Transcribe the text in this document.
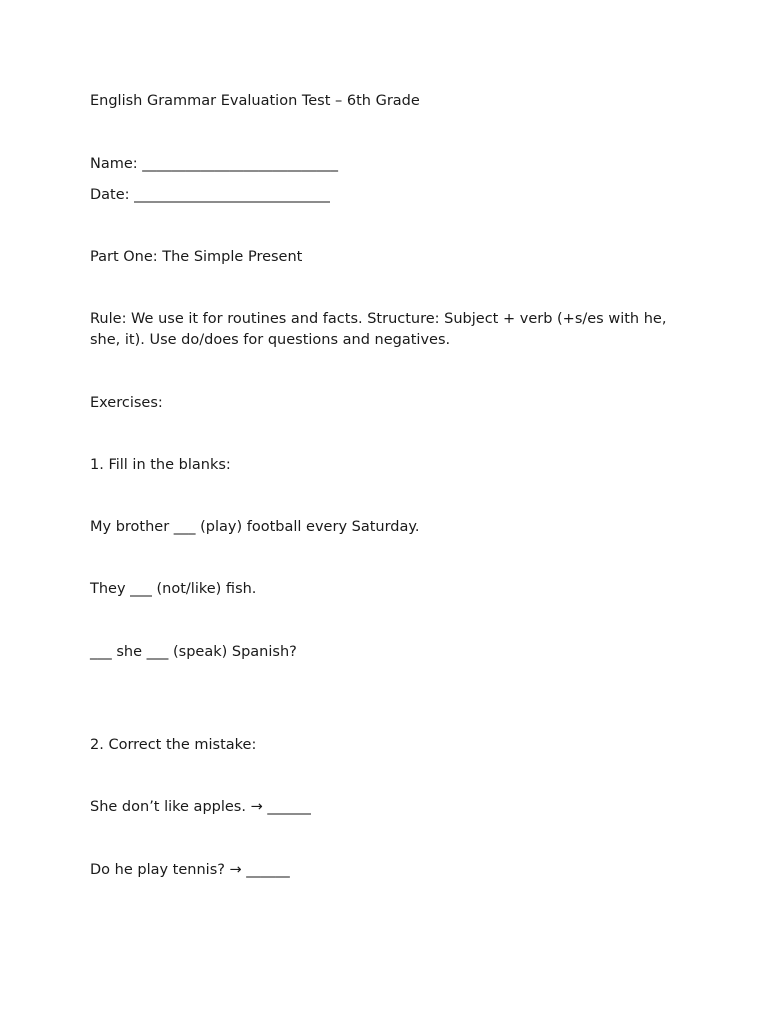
English Grammar Evaluation Test – 6th Grade

Name: ___________________________

Date: ___________________________

Part One: The Simple Present

Rule: We use it for routines and facts. Structure: Subject + verb (+s/es with he, she, it). Use do/does for questions and negatives.

Exercises:

1. Fill in the blanks:

My brother ___ (play) football every Saturday.

They ___ (not/like) fish.

___ she ___ (speak) Spanish?

2. Correct the mistake:

She don’t like apples. → ______

Do he play tennis? → ______
